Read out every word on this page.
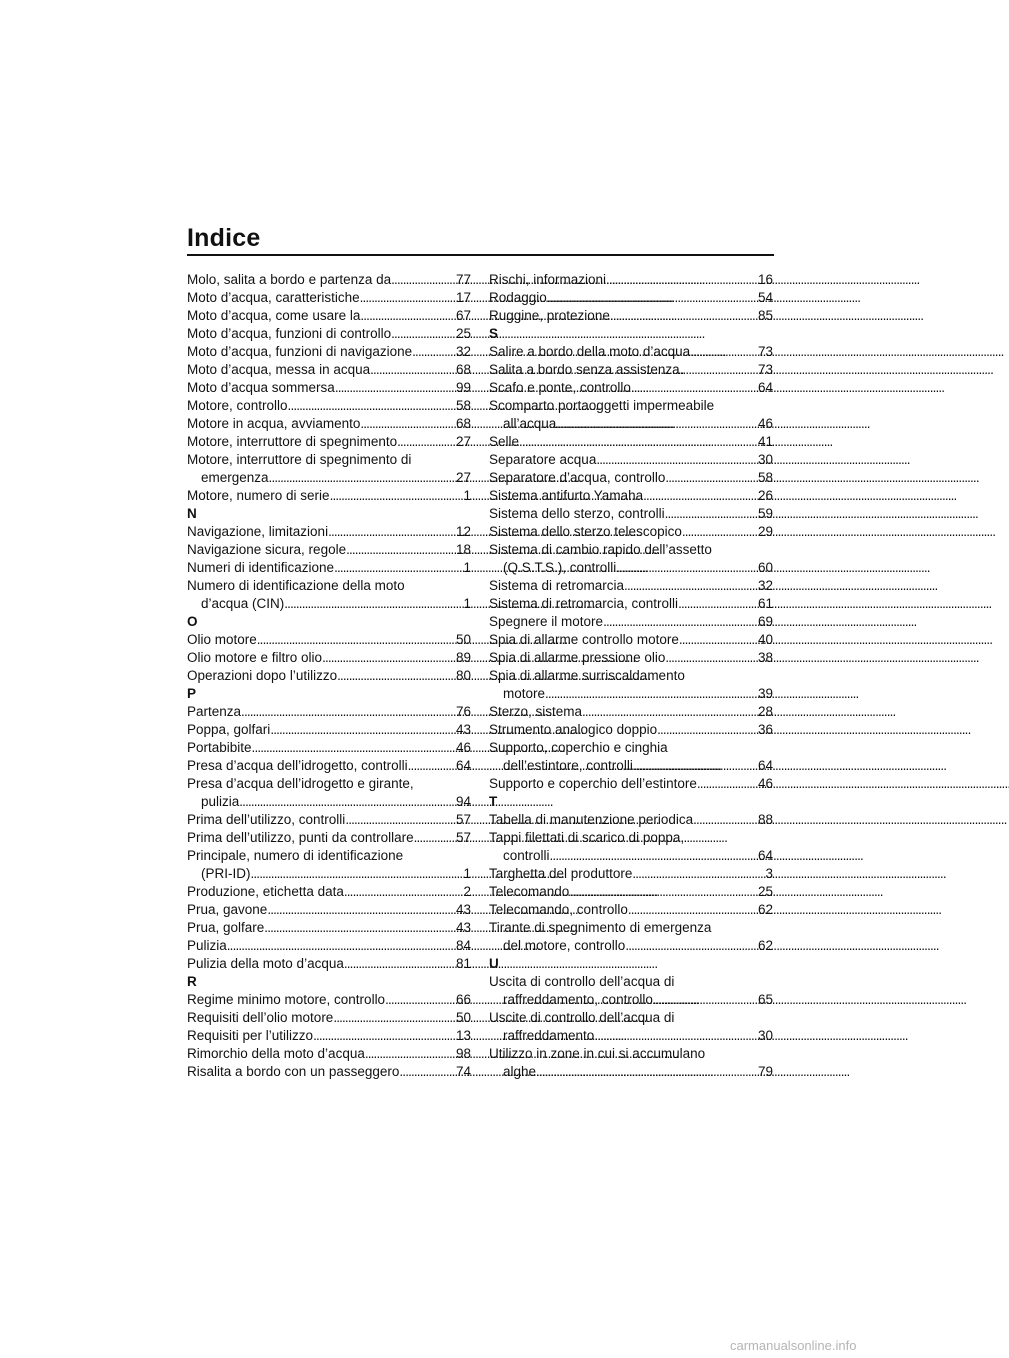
Indice
Molo, salita a bordo e partenza da . . .	77
Moto d’acqua, caratteristiche . . .	17
Moto d’acqua, come usare la . . .	67
Moto d’acqua, funzioni di controllo . . .	25
Moto d’acqua, funzioni di navigazione . . .	32
Moto d’acqua, messa in acqua . . .	68
Moto d’acqua sommersa . . .	99
Motore, controllo . . .	58
Motore in acqua, avviamento . . .	68
Motore, interruttore di spegnimento . . .	27
Motore, interruttore di spegnimento di
emergenza . . .	27
Motore, numero di serie . . .	1
N
Navigazione, limitazioni . . .	12
Navigazione sicura, regole . . .	18
Numeri di identificazione . . .	1
Numero di identificazione della moto
d’acqua (CIN) . . .	1
O
Olio motore . . .	50
Olio motore e filtro olio . . .	89
Operazioni dopo l’utilizzo . . .	80
P
Partenza . . .	76
Poppa, golfari . . .	43
Portabibite . . .	46
Presa d’acqua dell’idrogetto, controlli . . .	64
Presa d’acqua dell’idrogetto e girante,
pulizia . . .	94
Prima dell’utilizzo, controlli . . .	57
Prima dell’utilizzo, punti da controllare . . .	57
Principale, numero di identificazione
(PRI-ID) . . .	1
Produzione, etichetta data . . .	2
Prua, gavone . . .	43
Prua, golfare . . .	43
Pulizia . . .	84
Pulizia della moto d’acqua . . .	81
R
Regime minimo motore, controllo . . .	66
Requisiti dell’olio motore . . .	50
Requisiti per l’utilizzo . . .	13
Rimorchio della moto d’acqua . . .	98
Risalita a bordo con un passeggero . . .	74
Rischi, informazioni . . .	16
Rodaggio . . .	54
Ruggine, protezione . . .	85
S
Salire a bordo della moto d’acqua . . .	73
Salita a bordo senza assistenza . . .	73
Scafo e ponte, controllo . . .	64
Scomparto portaoggetti impermeabile
all’acqua . . .	46
Selle . . .	41
Separatore acqua . . .	30
Separatore d’acqua, controllo . . .	58
Sistema antifurto Yamaha . . .	26
Sistema dello sterzo, controlli . . .	59
Sistema dello sterzo telescopico . . .	29
Sistema di cambio rapido dell’assetto
(Q.S.T.S.), controlli . . .	60
Sistema di retromarcia . . .	32
Sistema di retromarcia, controlli . . .	61
Spegnere il motore . . .	69
Spia di allarme controllo motore . . .	40
Spia di allarme pressione olio . . .	38
Spia di allarme surriscaldamento
motore . . .	39
Sterzo, sistema . . .	28
Strumento analogico doppio . . .	36
Supporto, coperchio e cinghia
dell’estintore, controlli . . .	64
Supporto e coperchio dell’estintore . . .	46
T
Tabella di manutenzione periodica . . .	88
Tappi filettati di scarico di poppa,
controlli . . .	64
Targhetta del produttore . . .	3
Telecomando . . .	25
Telecomando, controllo . . .	62
Tirante di spegnimento di emergenza
del motore, controllo . . .	62
U
Uscita di controllo dell’acqua di
raffreddamento, controllo . . .	65
Uscite di controllo dell’acqua di
raffreddamento . . .	30
Utilizzo in zone in cui si accumulano
alghe . . .	79
carmanualsonline.info
